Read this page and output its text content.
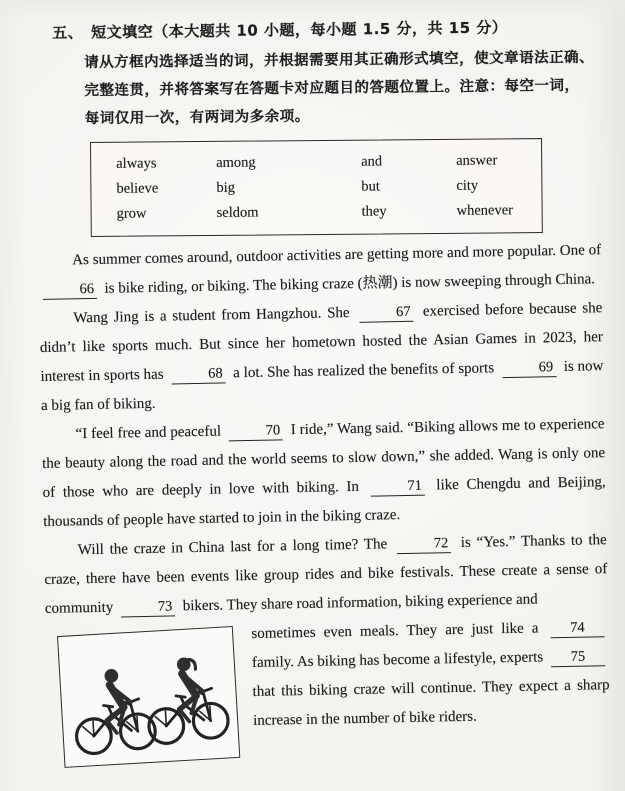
五、 短文填空（本大题共 10 小题，每小题 1.5 分，共 15 分）
请从方框内选择适当的词，并根据需要用其正确形式填空，使文章语法正确、
完整连贯，并将答案写在答题卡对应题目的答题位置上。注意：每空一词，
每词仅用一次，有两词为多余项。
always	among	and	answer
believe	big	but	city
grow	seldom	they	whenever
As summer comes around, outdoor activities are getting more and more popular. One of 66 is bike riding, or biking. The biking craze (热潮) is now sweeping through China.
Wang Jing is a student from Hangzhou. She	67 exercised before because she didn’t like sports much. But since her hometown hosted the Asian Games in 2023, her interest in sports has	68 a lot. She has realized the benefits of sports	69 is now a big fan of biking.
“I feel free and peaceful	70 I ride,” Wang said. “Biking allows me to experience the beauty along the road and the world seems to slow down,” she added. Wang is only one of those who are deeply in love with biking. In	71 like Chengdu and Beijing, thousands of people have started to join in the biking craze.
Will the craze in China last for a long time? The	72 is “Yes.” Thanks to the craze, there have been events like group rides and bike festivals. These create a sense of community	73 bikers. They share road information, biking experience and
sometimes even meals. They are just like a 74 family. As biking has become a lifestyle, experts 75 that this biking craze will continue. They expect a sharp increase in the number of bike riders.
